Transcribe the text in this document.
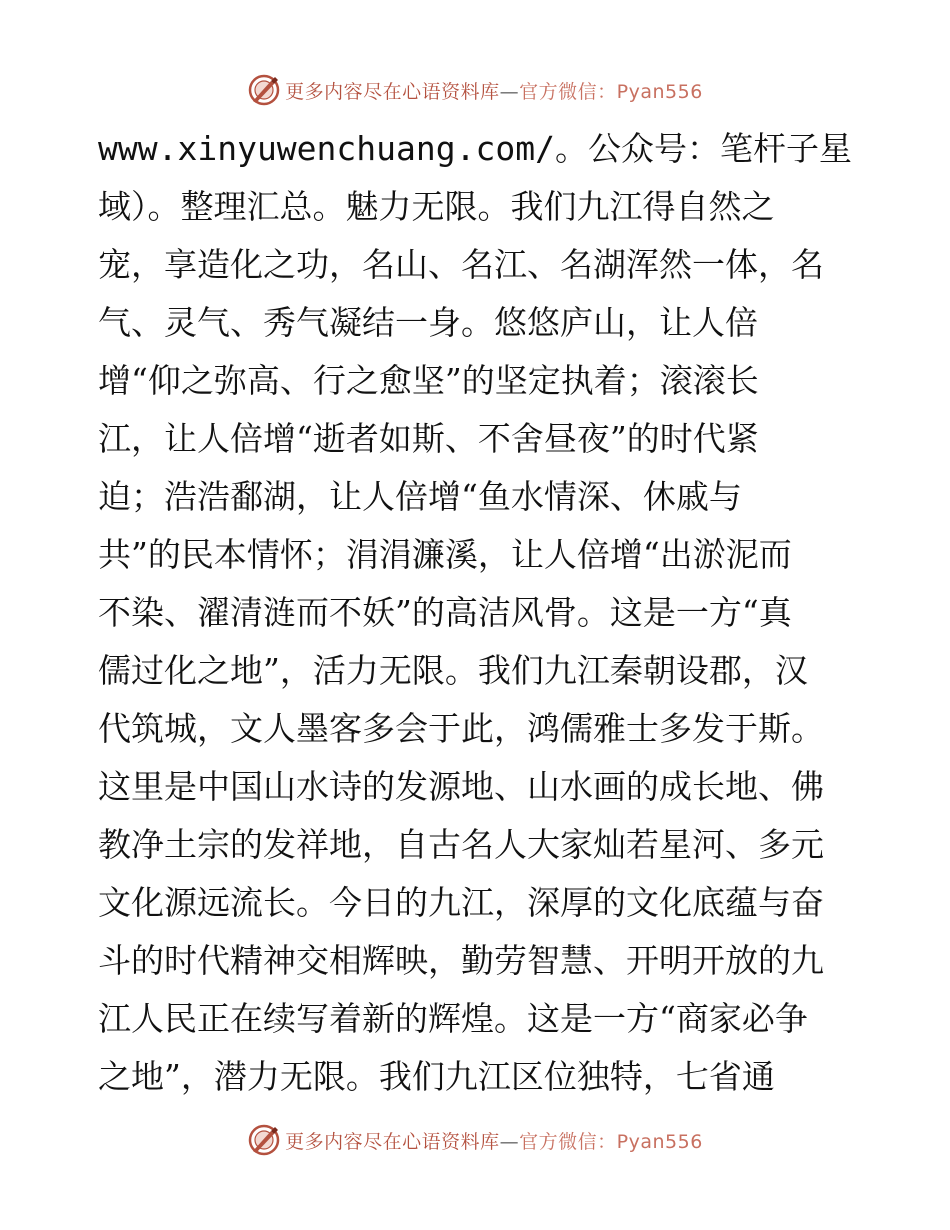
更多内容尽在心语资料库—官方微信：Pyan556
www.xinyuwenchuang.com/。公众号：笔杆子星
域）。整理汇总。魅力无限。我们九江得自然之
宠，享造化之功，名山、名江、名湖浑然一体，名
气、灵气、秀气凝结一身。悠悠庐山，让人倍
增“仰之弥高、行之愈坚”的坚定执着；滚滚长
江，让人倍增“逝者如斯、不舍昼夜”的时代紧
迫；浩浩鄱湖，让人倍增“鱼水情深、休戚与
共”的民本情怀；涓涓濂溪，让人倍增“出淤泥而
不染、濯清涟而不妖”的高洁风骨。这是一方“真
儒过化之地”，活力无限。我们九江秦朝设郡，汉
代筑城，文人墨客多会于此，鸿儒雅士多发于斯。
这里是中国山水诗的发源地、山水画的成长地、佛
教净土宗的发祥地，自古名人大家灿若星河、多元
文化源远流长。今日的九江，深厚的文化底蕴与奋
斗的时代精神交相辉映，勤劳智慧、开明开放的九
江人民正在续写着新的辉煌。这是一方“商家必争
之地”，潜力无限。我们九江区位独特，七省通
更多内容尽在心语资料库—官方微信：Pyan556
